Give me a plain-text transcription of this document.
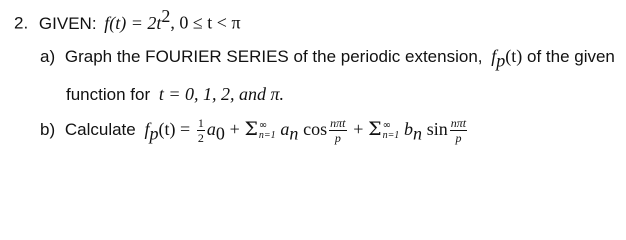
2. GIVEN: $f(t) = 2t^2$, 0 ≤ t < π
a) Graph the FOURIER SERIES of the periodic extension, $f_p(t)$ of the given
function for t = 0, 1, 2, and π.
b) Calculate $f_p(t) = \frac{1}{2} a_0 + \Sigma$ ∞
n=1 $a_n$ $\cos \frac{\text{nπt}}{p} + \Sigma$ ∞
n=1 $b_n$ $\sin \frac{\text{nπt}}{p}$
